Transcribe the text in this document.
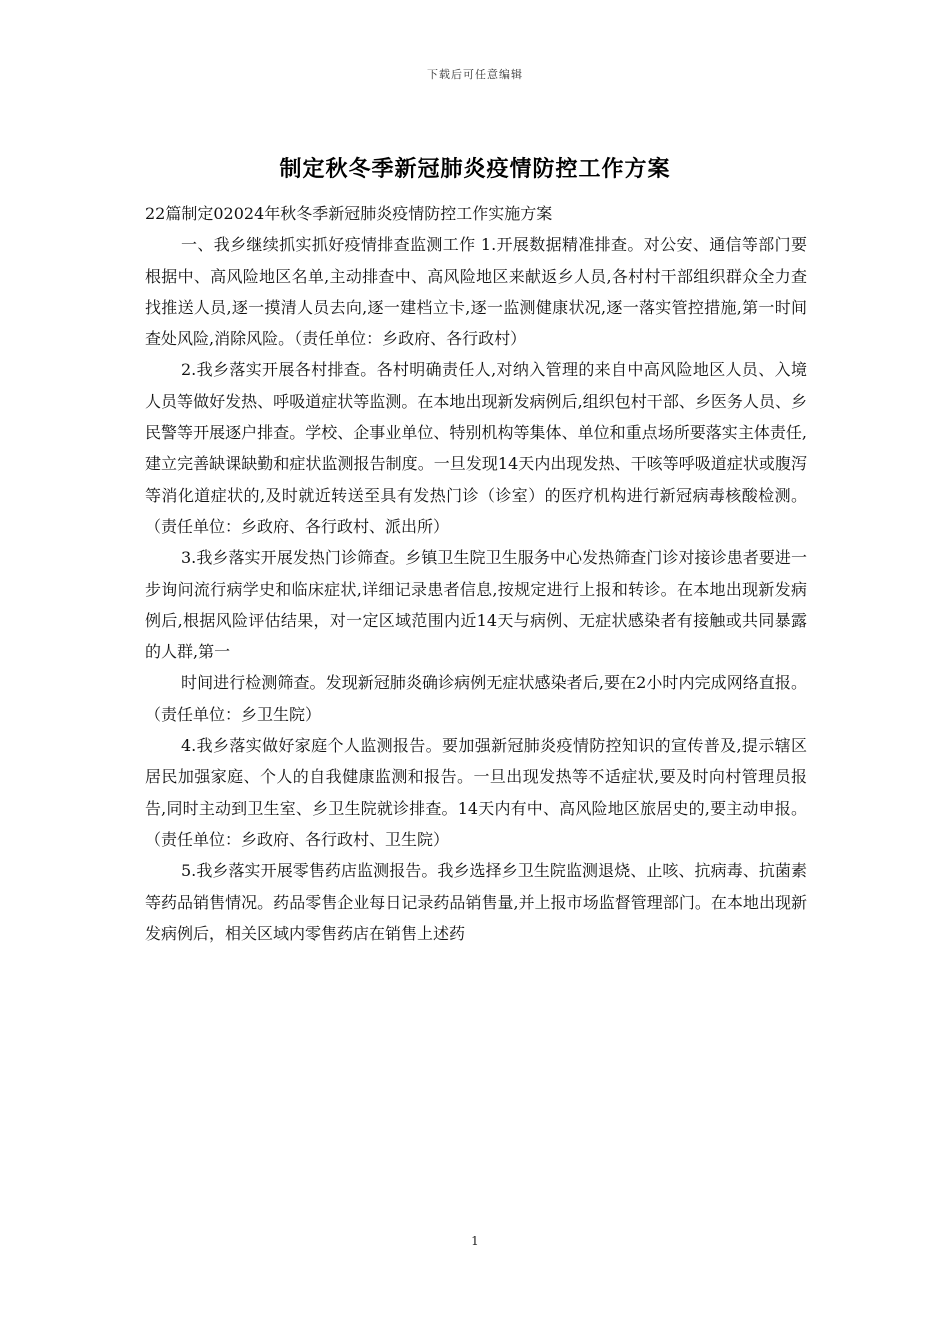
下载后可任意编辑
制定秋冬季新冠肺炎疫情防控工作方案

22篇制定02024年秋冬季新冠肺炎疫情防控工作实施方案

一、我乡继续抓实抓好疫情排查监测工作 1.开展数据精准排查。对公安、通信等部门要根据中、高风险地区名单,主动排查中、高风险地区来献返乡人员,各村村干部组织群众全力查找推送人员,逐一摸清人员去向,逐一建档立卡,逐一监测健康状况,逐一落实管控措施,第一时间查处风险,消除风险。（责任单位：乡政府、各行政村）

2.我乡落实开展各村排查。各村明确责任人,对纳入管理的来自中高风险地区人员、入境人员等做好发热、呼吸道症状等监测。在本地出现新发病例后,组织包村干部、乡医务人员、乡民警等开展逐户排查。学校、企事业单位、特别机构等集体、单位和重点场所要落实主体责任,建立完善缺课缺勤和症状监测报告制度。一旦发现14天内出现发热、干咳等呼吸道症状或腹泻等消化道症状的,及时就近转送至具有发热门诊（诊室）的医疗机构进行新冠病毒核酸检测。（责任单位：乡政府、各行政村、派出所）

3.我乡落实开展发热门诊筛查。乡镇卫生院卫生服务中心发热筛查门诊对接诊患者要进一步询问流行病学史和临床症状,详细记录患者信息,按规定进行上报和转诊。在本地出现新发病例后,根据风险评估结果，对一定区域范围内近14天与病例、无症状感染者有接触或共同暴露的人群,第一

时间进行检测筛查。发现新冠肺炎确诊病例无症状感染者后,要在2小时内完成网络直报。（责任单位：乡卫生院）

4.我乡落实做好家庭个人监测报告。要加强新冠肺炎疫情防控知识的宣传普及,提示辖区居民加强家庭、个人的自我健康监测和报告。一旦出现发热等不适症状,要及时向村管理员报告,同时主动到卫生室、乡卫生院就诊排查。14天内有中、高风险地区旅居史的,要主动申报。（责任单位：乡政府、各行政村、卫生院）

5.我乡落实开展零售药店监测报告。我乡选择乡卫生院监测退烧、止咳、抗病毒、抗菌素等药品销售情况。药品零售企业每日记录药品销售量,并上报市场监督管理部门。在本地出现新发病例后，相关区域内零售药店在销售上述药

1
